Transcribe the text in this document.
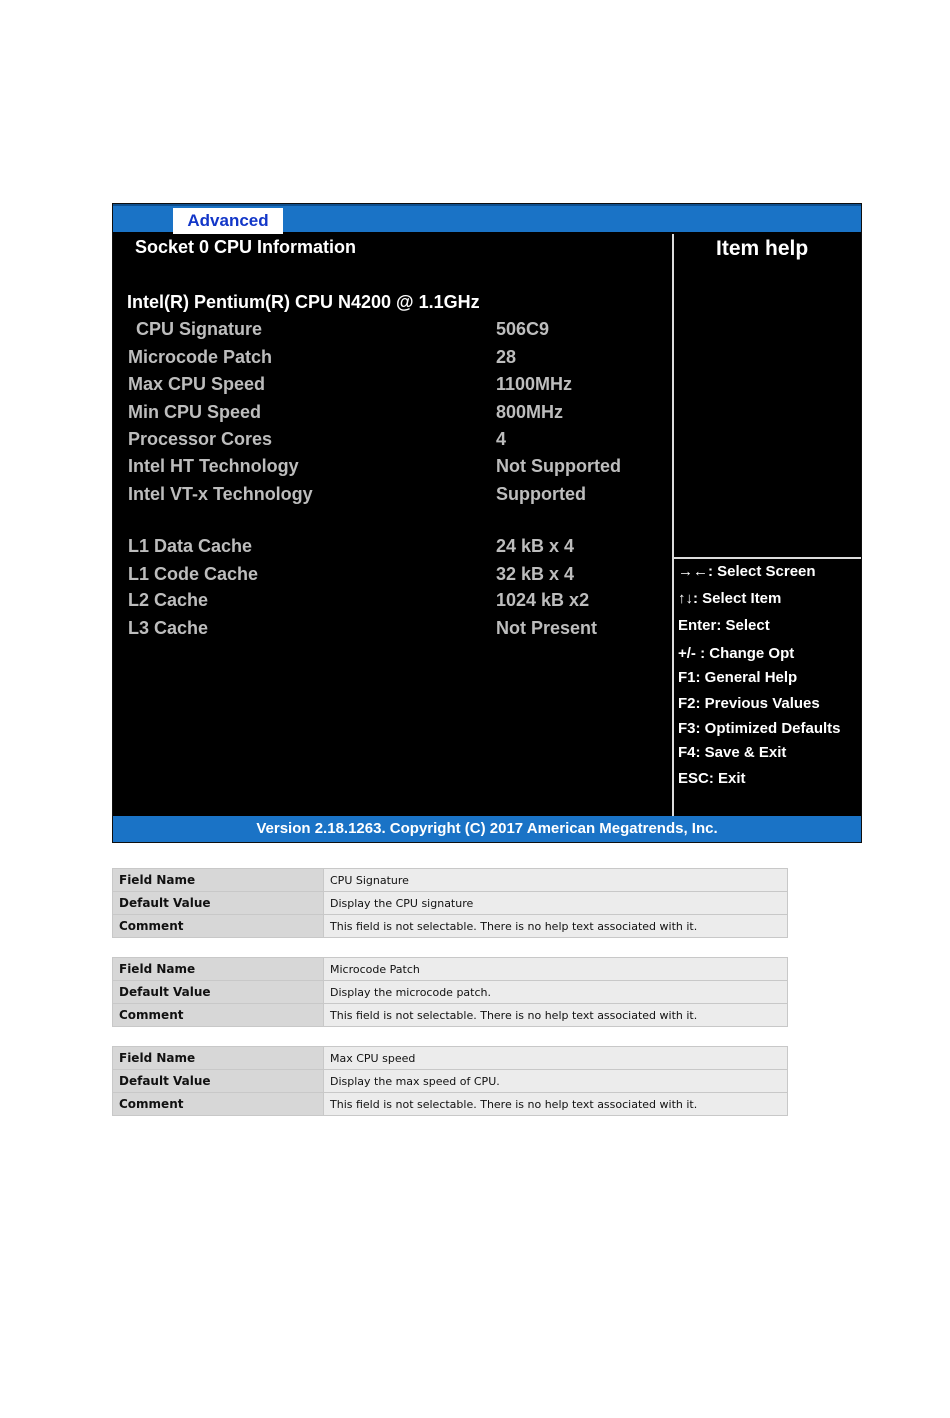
Advanced
Socket 0 CPU Information
Intel(R) Pentium(R) CPU N4200 @ 1.1GHz
CPU Signature	506C9
Microcode Patch	28
Max CPU Speed	1100MHz
Min CPU Speed	800MHz
Processor Cores	4
Intel HT Technology	Not Supported
Intel VT-x Technology	Supported
L1 Data Cache	24 kB x 4
L1 Code Cache	32 kB x 4
L2 Cache	1024 kB x2
L3 Cache	Not Present
Item help
→←: Select Screen
↑↓: Select Item
Enter: Select
+/- : Change Opt
F1: General Help
F2: Previous Values
F3: Optimized Defaults
F4: Save & Exit
ESC: Exit
Version 2.18.1263. Copyright (C) 2017 American Megatrends, Inc.
Field Name	CPU Signature
Default Value	Display the CPU signature
Comment	This field is not selectable. There is no help text associated with it.
Field Name	Microcode Patch
Default Value	Display the microcode patch.
Comment	This field is not selectable. There is no help text associated with it.
Field Name	Max CPU speed
Default Value	Display the max speed of CPU.
Comment	This field is not selectable. There is no help text associated with it.
